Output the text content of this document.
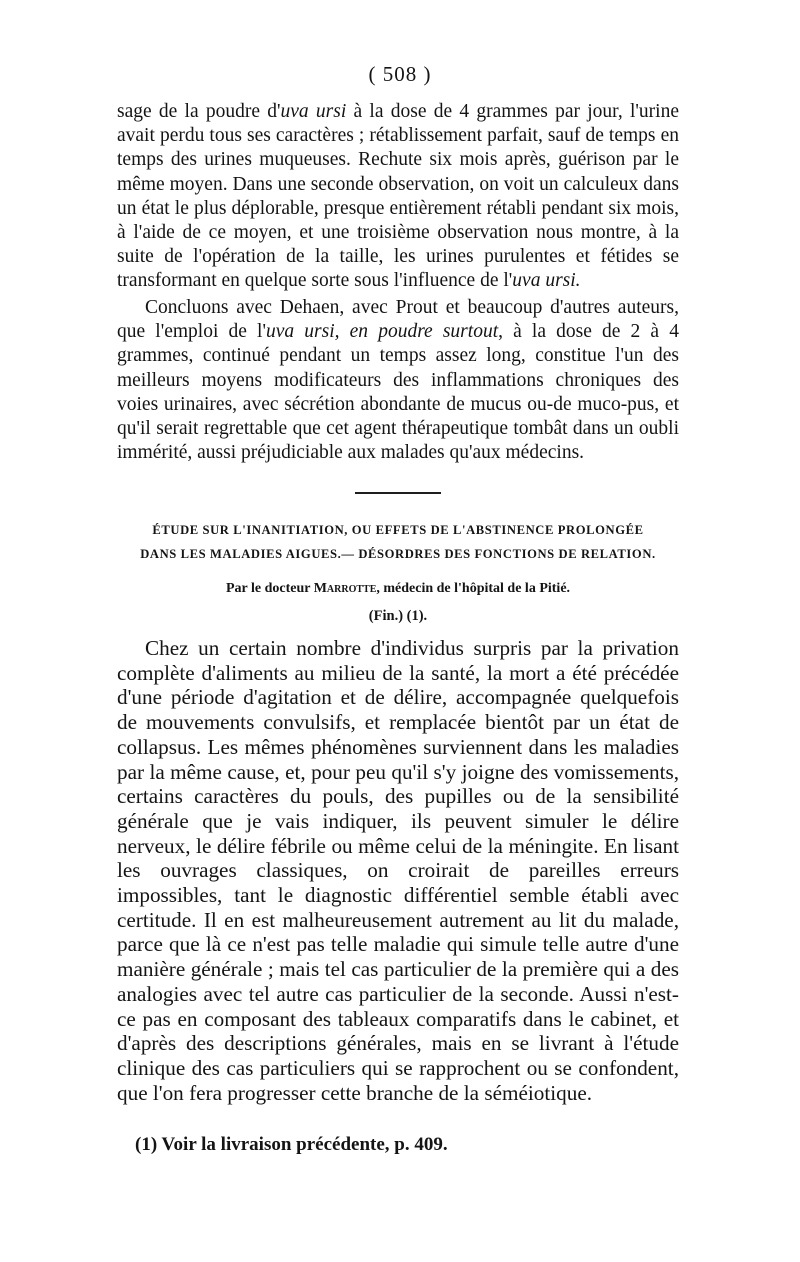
( 508 )

sage de la poudre d'uva ursi à la dose de 4 grammes par jour, l'urine avait perdu tous ses caractères ; rétablissement parfait, sauf de temps en temps des urines muqueuses. Rechute six mois après, guérison par le même moyen. Dans une seconde observation, on voit un calculeux dans un état le plus déplorable, presque entièrement rétabli pendant six mois, à l'aide de ce moyen, et une troisième observation nous montre, à la suite de l'opération de la taille, les urines purulentes et fétides se transformant en quelque sorte sous l'influence de l'uva ursi.

Concluons avec Dehaen, avec Prout et beaucoup d'autres auteurs, que l'emploi de l'uva ursi, en poudre surtout, à la dose de 2 à 4 grammes, continué pendant un temps assez long, constitue l'un des meilleurs moyens modificateurs des inflammations chroniques des voies urinaires, avec sécrétion abondante de mucus ou-de muco-pus, et qu'il serait regrettable que cet agent thérapeutique tombât dans un oubli immérité, aussi préjudiciable aux malades qu'aux médecins.

ÉTUDE SUR L'INANITIATION, OU EFFETS DE L'ABSTINENCE PROLONGÉE
DANS LES MALADIES AIGUES.— DÉSORDRES DES FONCTIONS DE RELATION.
Par le docteur Marrotte, médecin de l'hôpital de la Pitié.
(Fin.) (1).

Chez un certain nombre d'individus surpris par la privation complète d'aliments au milieu de la santé, la mort a été précédée d'une période d'agitation et de délire, accompagnée quelquefois de mouvements convulsifs, et remplacée bientôt par un état de collapsus. Les mêmes phénomènes surviennent dans les maladies par la même cause, et, pour peu qu'il s'y joigne des vomissements, certains caractères du pouls, des pupilles ou de la sensibilité générale que je vais indiquer, ils peuvent simuler le délire nerveux, le délire fébrile ou même celui de la méningite. En lisant les ouvrages classiques, on croirait de pareilles erreurs impossibles, tant le diagnostic différentiel semble établi avec certitude. Il en est malheureusement autrement au lit du malade, parce que là ce n'est pas telle maladie qui simule telle autre d'une manière générale ; mais tel cas particulier de la première qui a des analogies avec tel autre cas particulier de la seconde. Aussi n'est-ce pas en composant des tableaux comparatifs dans le cabinet, et d'après des descriptions générales, mais en se livrant à l'étude clinique des cas particuliers qui se rapprochent ou se confondent, que l'on fera progresser cette branche de la séméiotique.

(1) Voir la livraison précédente, p. 409.
